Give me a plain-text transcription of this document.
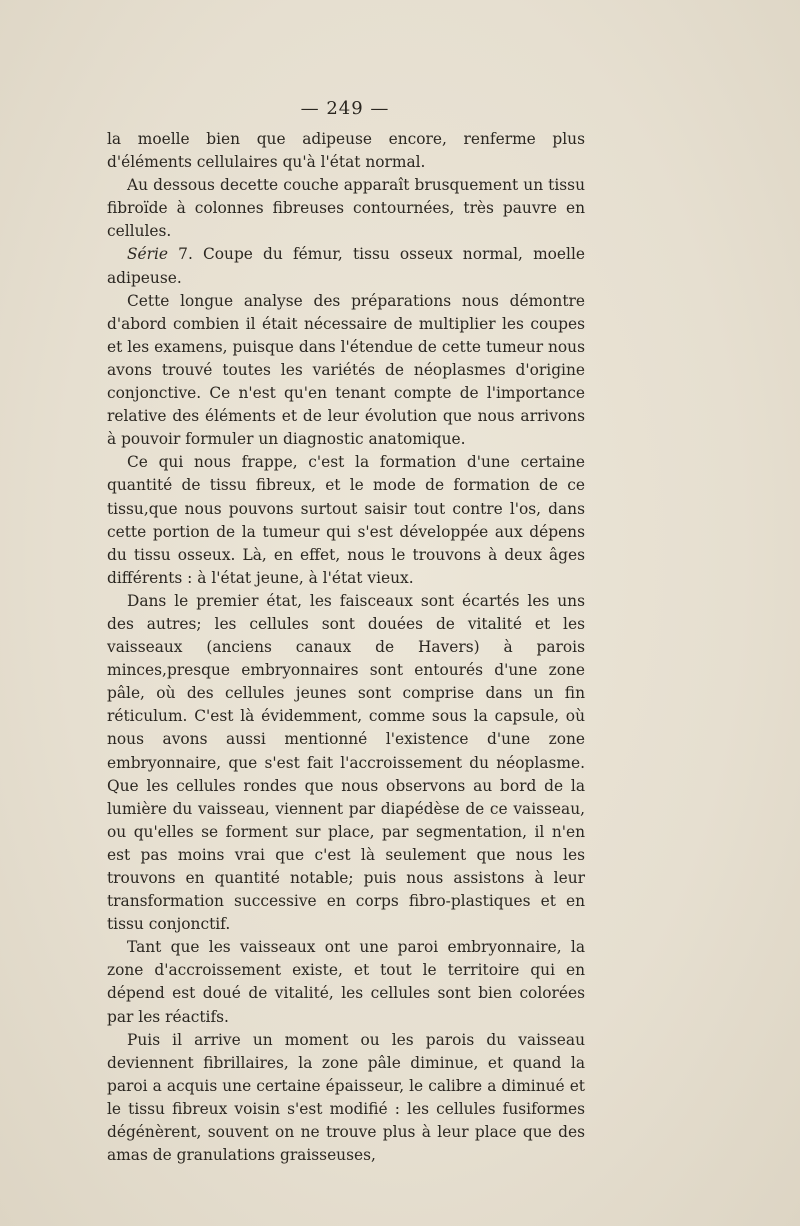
— 249 —

la moelle bien que adipeuse encore, renferme plus d'éléments cellulaires qu'à l'état normal.

Au dessous decette couche apparaît brusquement un tissu fibroïde à colonnes fibreuses contournées, très pauvre en cellules.

Série 7. Coupe du fémur, tissu osseux normal, moelle adipeuse.

Cette longue analyse des préparations nous démontre d'abord combien il était nécessaire de multiplier les coupes et les examens, puisque dans l'étendue de cette tumeur nous avons trouvé toutes les variétés de néoplasmes d'origine conjonctive. Ce n'est qu'en tenant compte de l'importance relative des éléments et de leur évolution que nous arrivons à pouvoir formuler un diagnostic anatomique.

Ce qui nous frappe, c'est la formation d'une certaine quantité de tissu fibreux, et le mode de formation de ce tissu,que nous pouvons surtout saisir tout contre l'os, dans cette portion de la tumeur qui s'est développée aux dépens du tissu osseux. Là, en effet, nous le trouvons à deux âges différents : à l'état jeune, à l'état vieux.

Dans le premier état, les faisceaux sont écartés les uns des autres; les cellules sont douées de vitalité et les vaisseaux (anciens canaux de Havers) à parois minces,presque embryonnaires sont entourés d'une zone pâle, où des cellules jeunes sont comprise dans un fin réticulum. C'est là évidemment, comme sous la capsule, où nous avons aussi mentionné l'existence d'une zone embryonnaire, que s'est fait l'accroissement du néoplasme. Que les cellules rondes que nous observons au bord de la lumière du vaisseau, viennent par diapédèse de ce vaisseau, ou qu'elles se forment sur place, par segmentation, il n'en est pas moins vrai que c'est là seulement que nous les trouvons en quantité notable; puis nous assistons à leur transformation successive en corps fibro-plastiques et en tissu conjonctif.

Tant que les vaisseaux ont une paroi embryonnaire, la zone d'accroissement existe, et tout le territoire qui en dépend est doué de vitalité, les cellules sont bien colorées par les réactifs.

Puis il arrive un moment ou les parois du vaisseau deviennent fibrillaires, la zone pâle diminue, et quand la paroi a acquis une certaine épaisseur, le calibre a diminué et le tissu fibreux voisin s'est modifié : les cellules fusiformes dégénèrent, souvent on ne trouve plus à leur place que des amas de granulations graisseuses,
